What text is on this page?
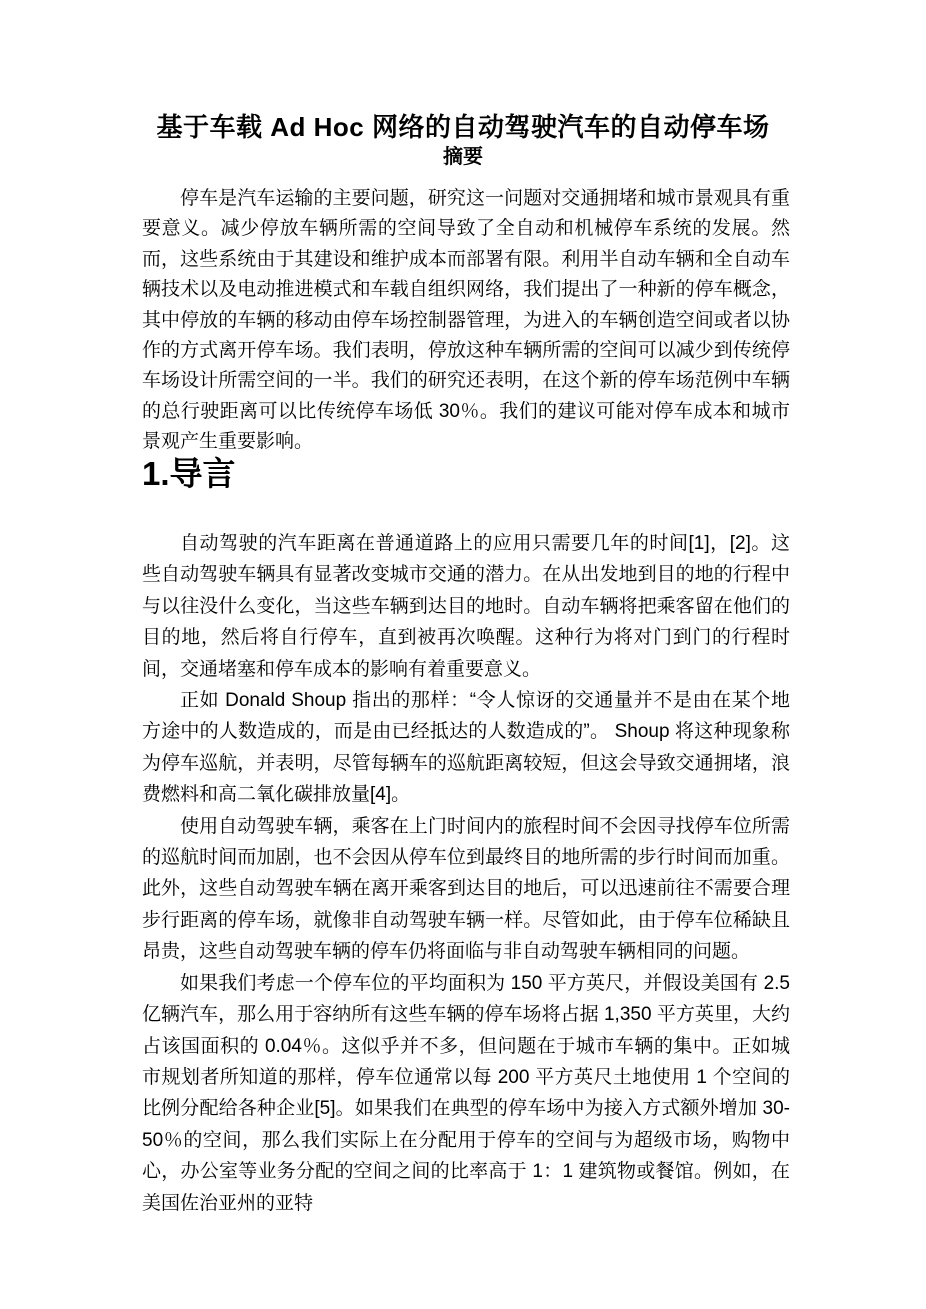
基于车载 Ad Hoc 网络的自动驾驶汽车的自动停车场
摘要

停车是汽车运输的主要问题，研究这一问题对交通拥堵和城市景观具有重要意义。减少停放车辆所需的空间导致了全自动和机械停车系统的发展。然而，这些系统由于其建设和维护成本而部署有限。利用半自动车辆和全自动车辆技术以及电动推进模式和车载自组织网络，我们提出了一种新的停车概念，其中停放的车辆的移动由停车场控制器管理，为进入的车辆创造空间或者以协作的方式离开停车场。我们表明，停放这种车辆所需的空间可以减少到传统停车场设计所需空间的一半。我们的研究还表明，在这个新的停车场范例中车辆的总行驶距离可以比传统停车场低 30％。我们的建议可能对停车成本和城市景观产生重要影响。

1.导言

自动驾驶的汽车距离在普通道路上的应用只需要几年的时间[1]，[2]。这些自动驾驶车辆具有显著改变城市交通的潜力。在从出发地到目的地的行程中与以往没什么变化，当这些车辆到达目的地时。自动车辆将把乘客留在他们的目的地，然后将自行停车，直到被再次唤醒。这种行为将对门到门的行程时间，交通堵塞和停车成本的影响有着重要意义。

正如 Donald Shoup 指出的那样：“令人惊讶的交通量并不是由在某个地方途中的人数造成的，而是由已经抵达的人数造成的”。 Shoup 将这种现象称为停车巡航，并表明，尽管每辆车的巡航距离较短，但这会导致交通拥堵，浪费燃料和高二氧化碳排放量[4]。

使用自动驾驶车辆，乘客在上门时间内的旅程时间不会因寻找停车位所需的巡航时间而加剧，也不会因从停车位到最终目的地所需的步行时间而加重。此外，这些自动驾驶车辆在离开乘客到达目的地后，可以迅速前往不需要合理步行距离的停车场，就像非自动驾驶车辆一样。尽管如此，由于停车位稀缺且昂贵，这些自动驾驶车辆的停车仍将面临与非自动驾驶车辆相同的问题。

如果我们考虑一个停车位的平均面积为 150 平方英尺，并假设美国有 2.5 亿辆汽车，那么用于容纳所有这些车辆的停车场将占据 1,350 平方英里，大约占该国面积的 0.04％。这似乎并不多，但问题在于城市车辆的集中。正如城市规划者所知道的那样，停车位通常以每 200 平方英尺土地使用 1 个空间的比例分配给各种企业[5]。如果我们在典型的停车场中为接入方式额外增加 30-50％的空间，那么我们实际上在分配用于停车的空间与为超级市场，购物中心，办公室等业务分配的空间之间的比率高于 1：1 建筑物或餐馆。例如，在美国佐治亚州的亚特
